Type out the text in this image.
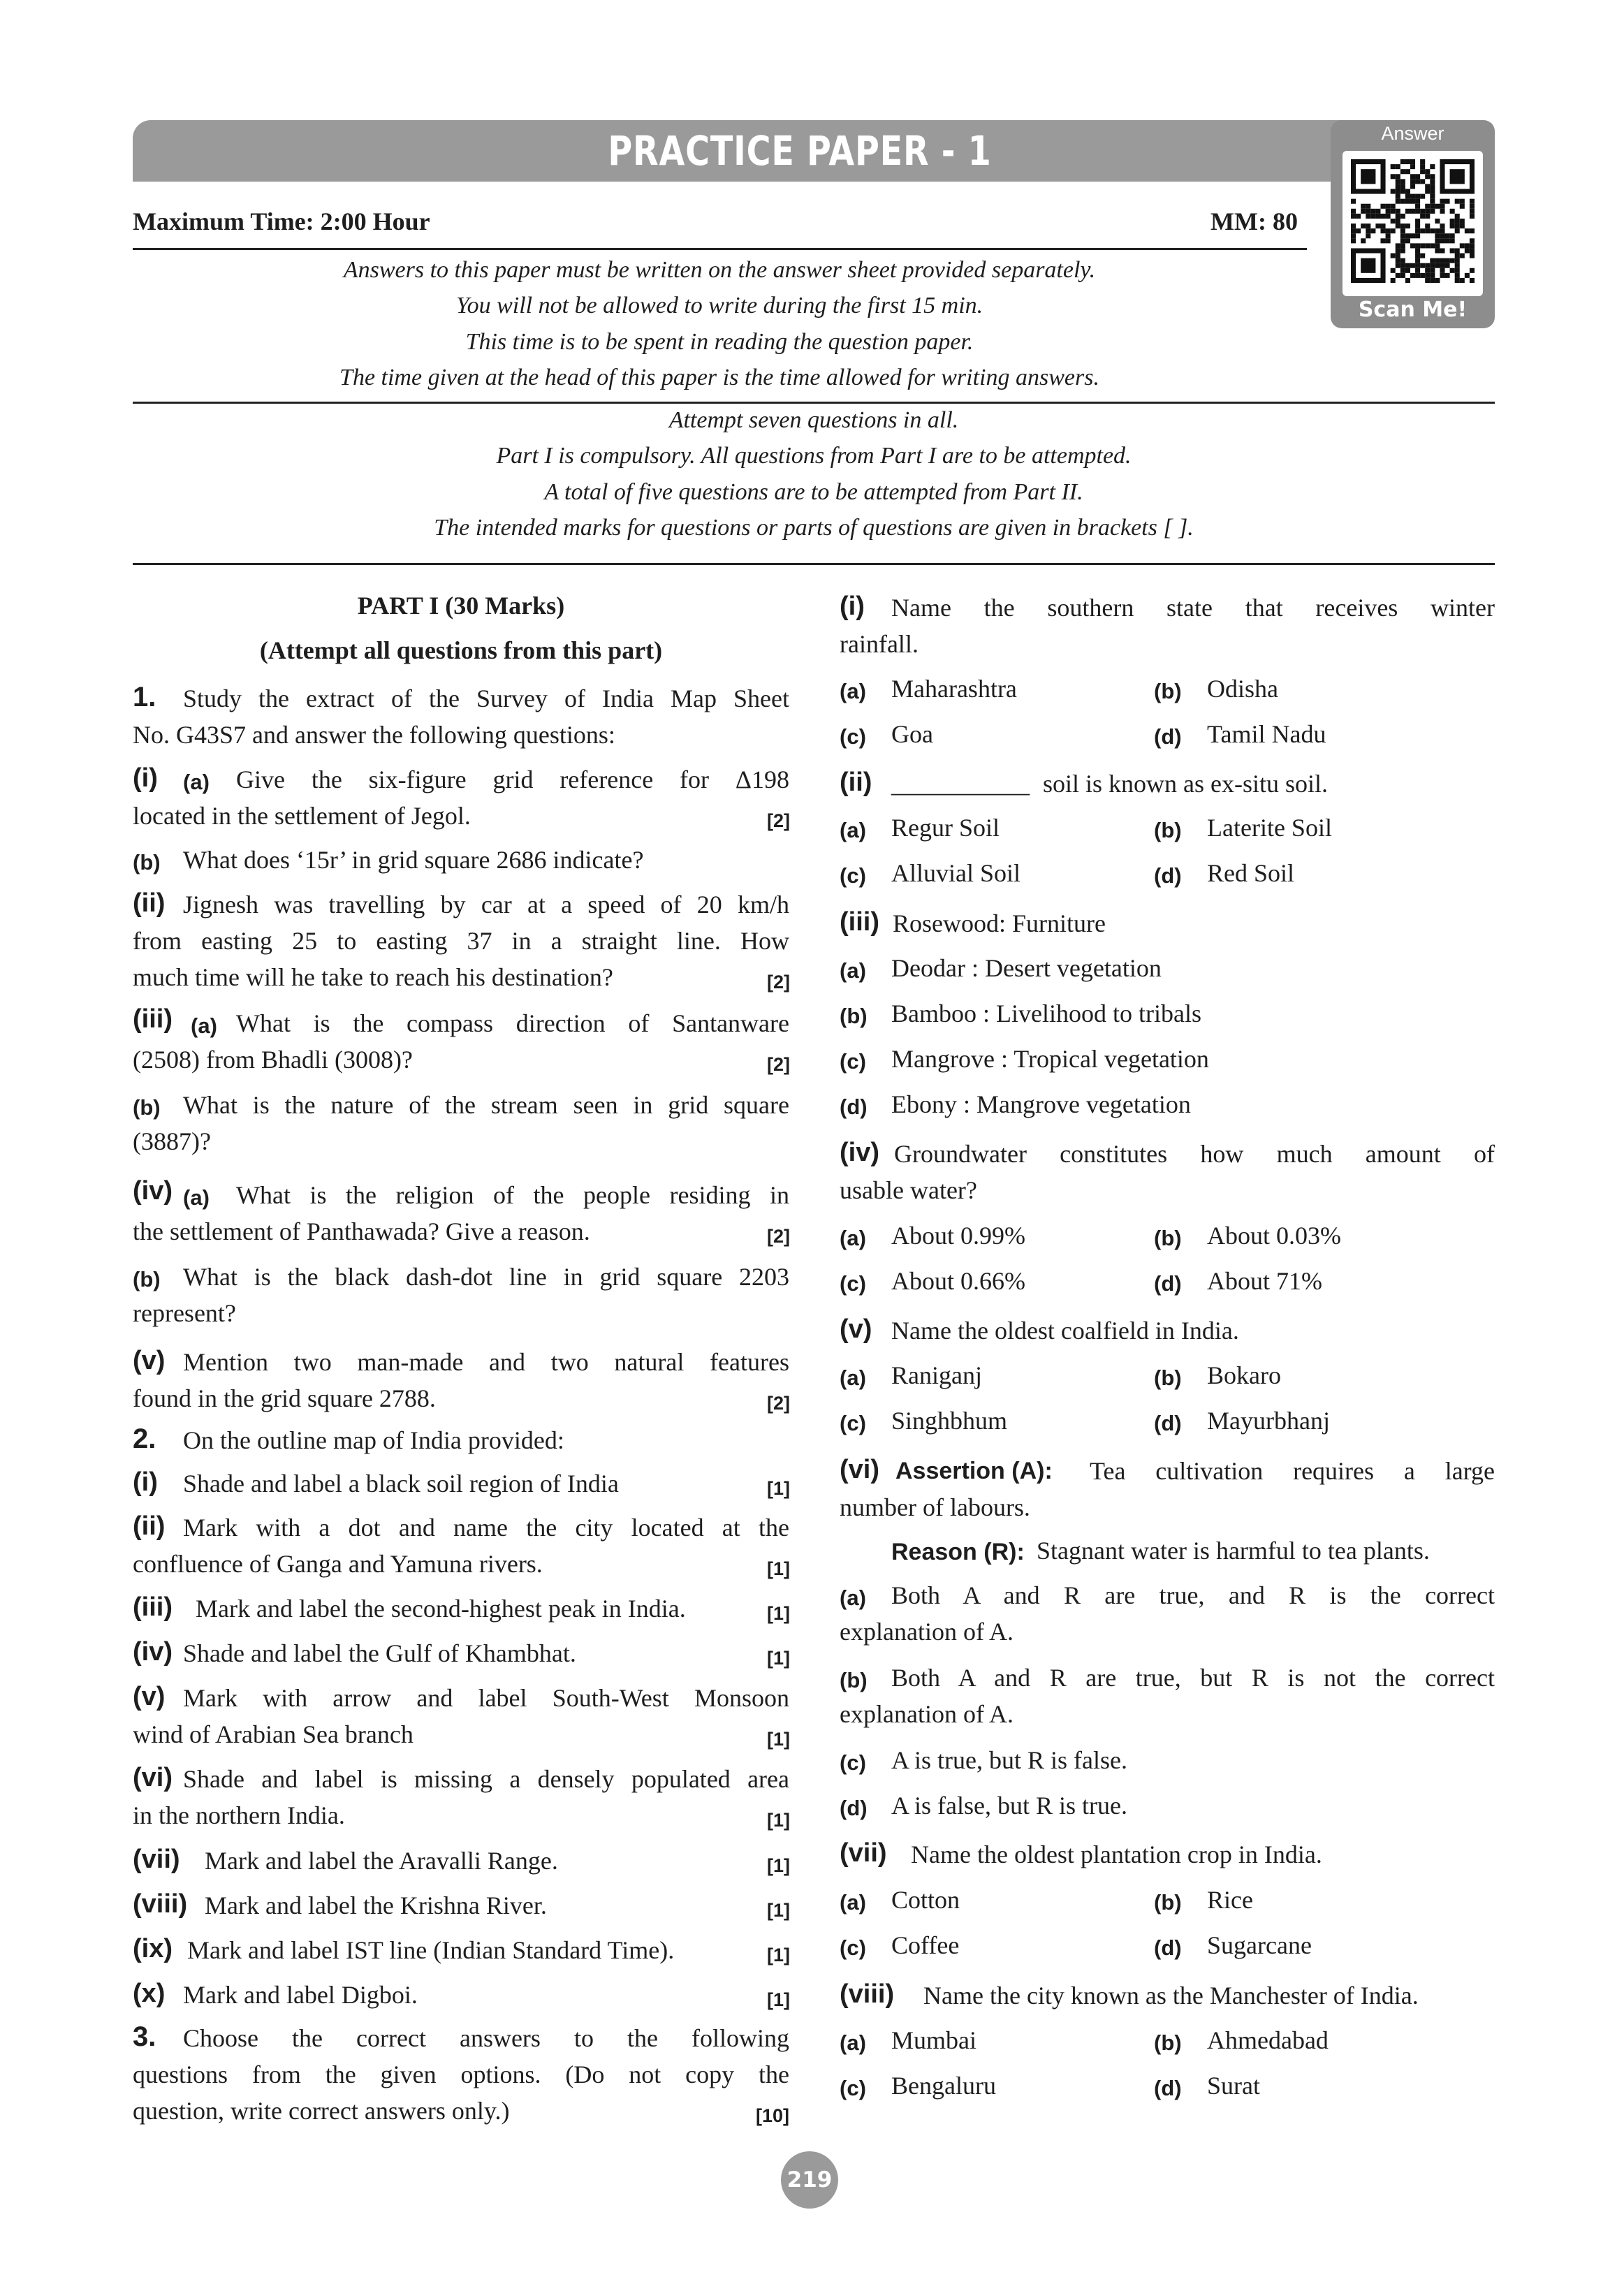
PRACTICE PAPER - 1	Answer
Scan Me!
Maximum Time: 2:00 Hour	MM: 80
Answers to this paper must be written on the answer sheet provided separately.
You will not be allowed to write during the first 15 min.
This time is to be spent in reading the question paper.
The time given at the head of this paper is the time allowed for writing answers.
Attempt seven questions in all.
Part I is compulsory. All questions from Part I are to be attempted.
A total of five questions are to be attempted from Part II.
The intended marks for questions or parts of questions are given in brackets [ ].
PART I (30 Marks)
(Attempt all questions from this part)
1. Study the extract of the Survey of India Map Sheet
No. G43S7 and answer the following questions:
(i) (a) Give the six-figure grid reference for Δ198
located in the settlement of Jegol.	[2]
(b) What does ‘15r’ in grid square 2686 indicate?
(ii) Jignesh was travelling by car at a speed of 20 km/h
from easting 25 to easting 37 in a straight line. How
much time will he take to reach his destination?	[2]
(iii) (a) What is the compass direction of Santanware
(2508) from Bhadli (3008)?	[2]
(b) What is the nature of the stream seen in grid square
(3887)?
(iv) (a) What is the religion of the people residing in
the settlement of Panthawada? Give a reason.	[2]
(b) What is the black dash-dot line in grid square 2203
represent?
(v) Mention two man-made and two natural features
found in the grid square 2788.	[2]
2. On the outline map of India provided:
(i) Shade and label a black soil region of India	[1]
(ii) Mark with a dot and name the city located at the
confluence of Ganga and Yamuna rivers.	[1]
(iii) Mark and label the second-highest peak in India.	[1]
(iv) Shade and label the Gulf of Khambhat.	[1]
(v) Mark with arrow and label South-West Monsoon
wind of Arabian Sea branch	[1]
(vi) Shade and label is missing a densely populated area
in the northern India.	[1]
(vii) Mark and label the Aravalli Range.	[1]
(viii) Mark and label the Krishna River.	[1]
(ix) Mark and label IST line (Indian Standard Time).	[1]
(x) Mark and label Digboi.	[1]
3. Choose the correct answers to the following
questions from the given options. (Do not copy the
question, write correct answers only.)	[10]
(i) Name the southern state that receives winter
rainfall.
(a) Maharashtra	(b) Odisha
(c) Goa	(d) Tamil Nadu
(ii) ___________ soil is known as ex-situ soil.
(a) Regur Soil	(b) Laterite Soil
(c) Alluvial Soil	(d) Red Soil
(iii) Rosewood: Furniture
(a) Deodar : Desert vegetation
(b) Bamboo : Livelihood to tribals
(c) Mangrove : Tropical vegetation
(d) Ebony : Mangrove vegetation
(iv) Groundwater constitutes how much amount of
usable water?
(a) About 0.99%	(b) About 0.03%
(c) About 0.66%	(d) About 71%
(v) Name the oldest coalfield in India.
(a) Raniganj	(b) Bokaro
(c) Singhbhum	(d) Mayurbhanj
(vi) Assertion (A): Tea cultivation requires a large
number of labours.
Reason (R): Stagnant water is harmful to tea plants.
(a) Both A and R are true, and R is the correct
explanation of A.
(b) Both A and R are true, but R is not the correct
explanation of A.
(c) A is true, but R is false.
(d) A is false, but R is true.
(vii) Name the oldest plantation crop in India.
(a) Cotton	(b) Rice
(c) Coffee	(d) Sugarcane
(viii) Name the city known as the Manchester of India.
(a) Mumbai	(b) Ahmedabad
(c) Bengaluru	(d) Surat
219
